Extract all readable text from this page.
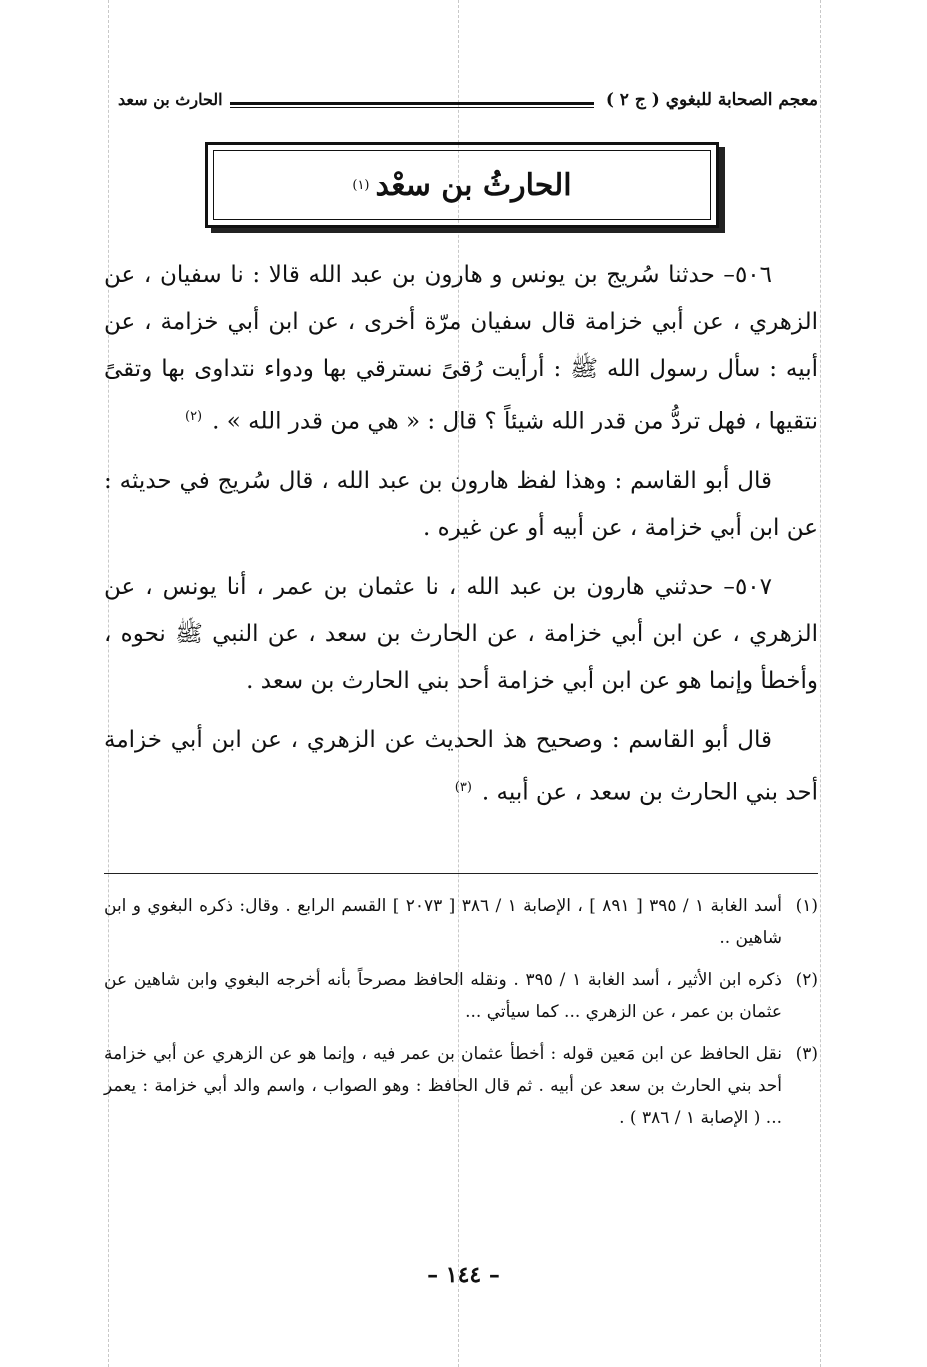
معجم الصحابة للبغوي ( ج ٢ )
الحارث بن سعد
الحارثُ بن سعْد
(١)

٥٠٦– حدثنا سُريج بن يونس و هارون بن عبد الله قالا : نا سفيان ، عن الزهري ، عن أبي خزامة قال سفيان مرّة أخرى ، عن ابن أبي خزامة ، عن أبيه : سأل رسول الله ﷺ : أرأيت رُقىً نسترقي بها ودواء نتداوى بها وتقىً نتقيها ، فهل تردُّ من قدر الله شيئاً ؟ قال : « هي من قدر الله » .$^{(٢)}$

قال أبو القاسم : وهذا لفظ هارون بن عبد الله ، قال سُريج في حديثه : عن ابن أبي خزامة ، عن أبيه أو عن غيره .

٥٠٧– حدثني هارون بن عبد الله ، نا عثمان بن عمر ، أنا يونس ، عن الزهري ، عن ابن أبي خزامة ، عن الحارث بن سعد ، عن النبي ﷺ نحوه ، وأخطأ وإنما هو عن ابن أبي خزامة أحد بني الحارث بن سعد .

قال أبو القاسم : وصحيح هذ الحديث عن الزهري ، عن ابن أبي خزامة أحد بني الحارث بن سعد ، عن أبيه .$^{(٣)}$

(١)
أسد الغابة ١ / ٣٩٥ [ ٨٩١ ] ، الإصابة ١ / ٣٨٦ [ ٢٠٧٣ ] القسم الرابع . وقال: ذكره البغوي و ابن شاهين ..
(٢)
ذكره ابن الأثير ، أسد الغابة ١ / ٣٩٥ . ونقله الحافظ مصرحاً بأنه أخرجه البغوي وابن شاهين عن عثمان بن عمر ، عن الزهري ... كما سيأتي ...
(٣)
نقل الحافظ عن ابن مَعين قوله : أخطأ عثمان بن عمر فيه ، وإنما هو عن الزهري عن أبي خزامة أحد بني الحارث بن سعد عن أبيه . ثم قال الحافظ : وهو الصواب ، واسم والد أبي خزامة : يعمر ... ( الإصابة ١ / ٣٨٦ ) .
– ١٤٤ –
